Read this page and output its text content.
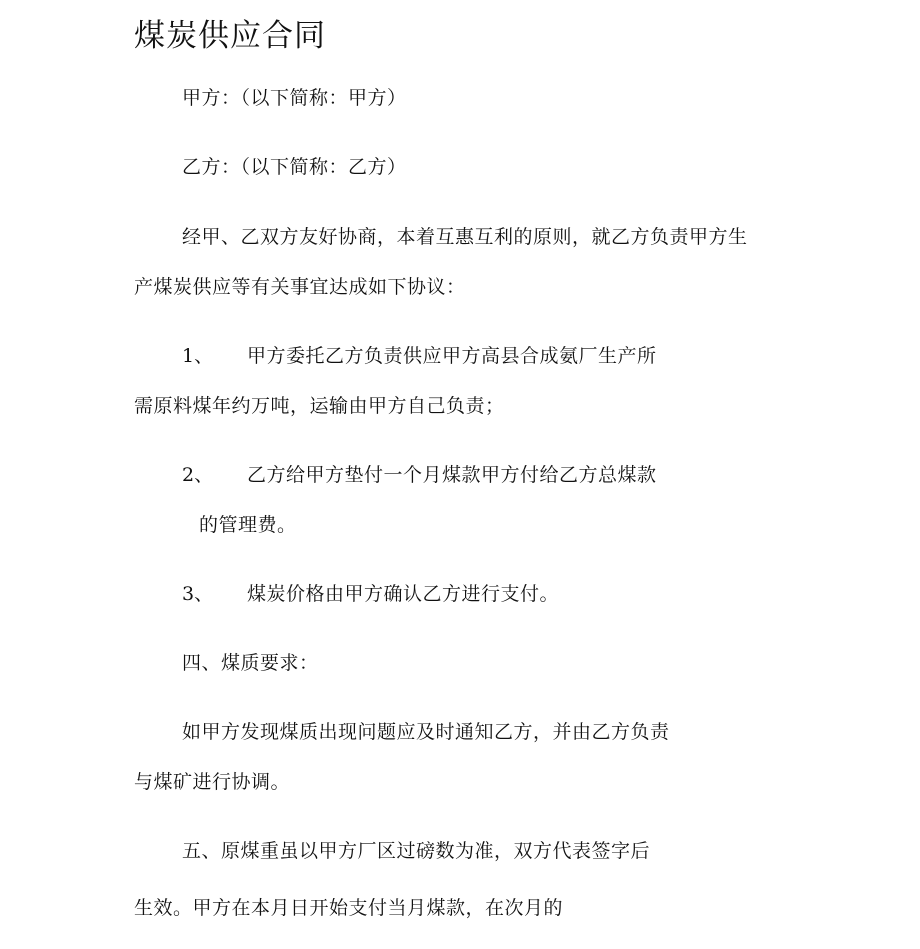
煤炭供应合同
甲方：（以下简称：甲方）
乙方：（以下简称：乙方）
经甲、乙双方友好协商，本着互惠互利的原则，就乙方负责甲方生
产煤炭供应等有关事宜达成如下协议：
1、 甲方委托乙方负责供应甲方高县合成氨厂生产所
需原料煤年约万吨，运输由甲方自己负责；
2、 乙方给甲方垫付一个月煤款甲方付给乙方总煤款
的管理费。
3、 煤炭价格由甲方确认乙方进行支付。
四、煤质要求：
如甲方发现煤质出现问题应及时通知乙方，并由乙方负责
与煤矿进行协调。
五、原煤重虽以甲方厂区过磅数为准，双方代表签字后
生效。甲方在本月日开始支付当月煤款，在次月的
